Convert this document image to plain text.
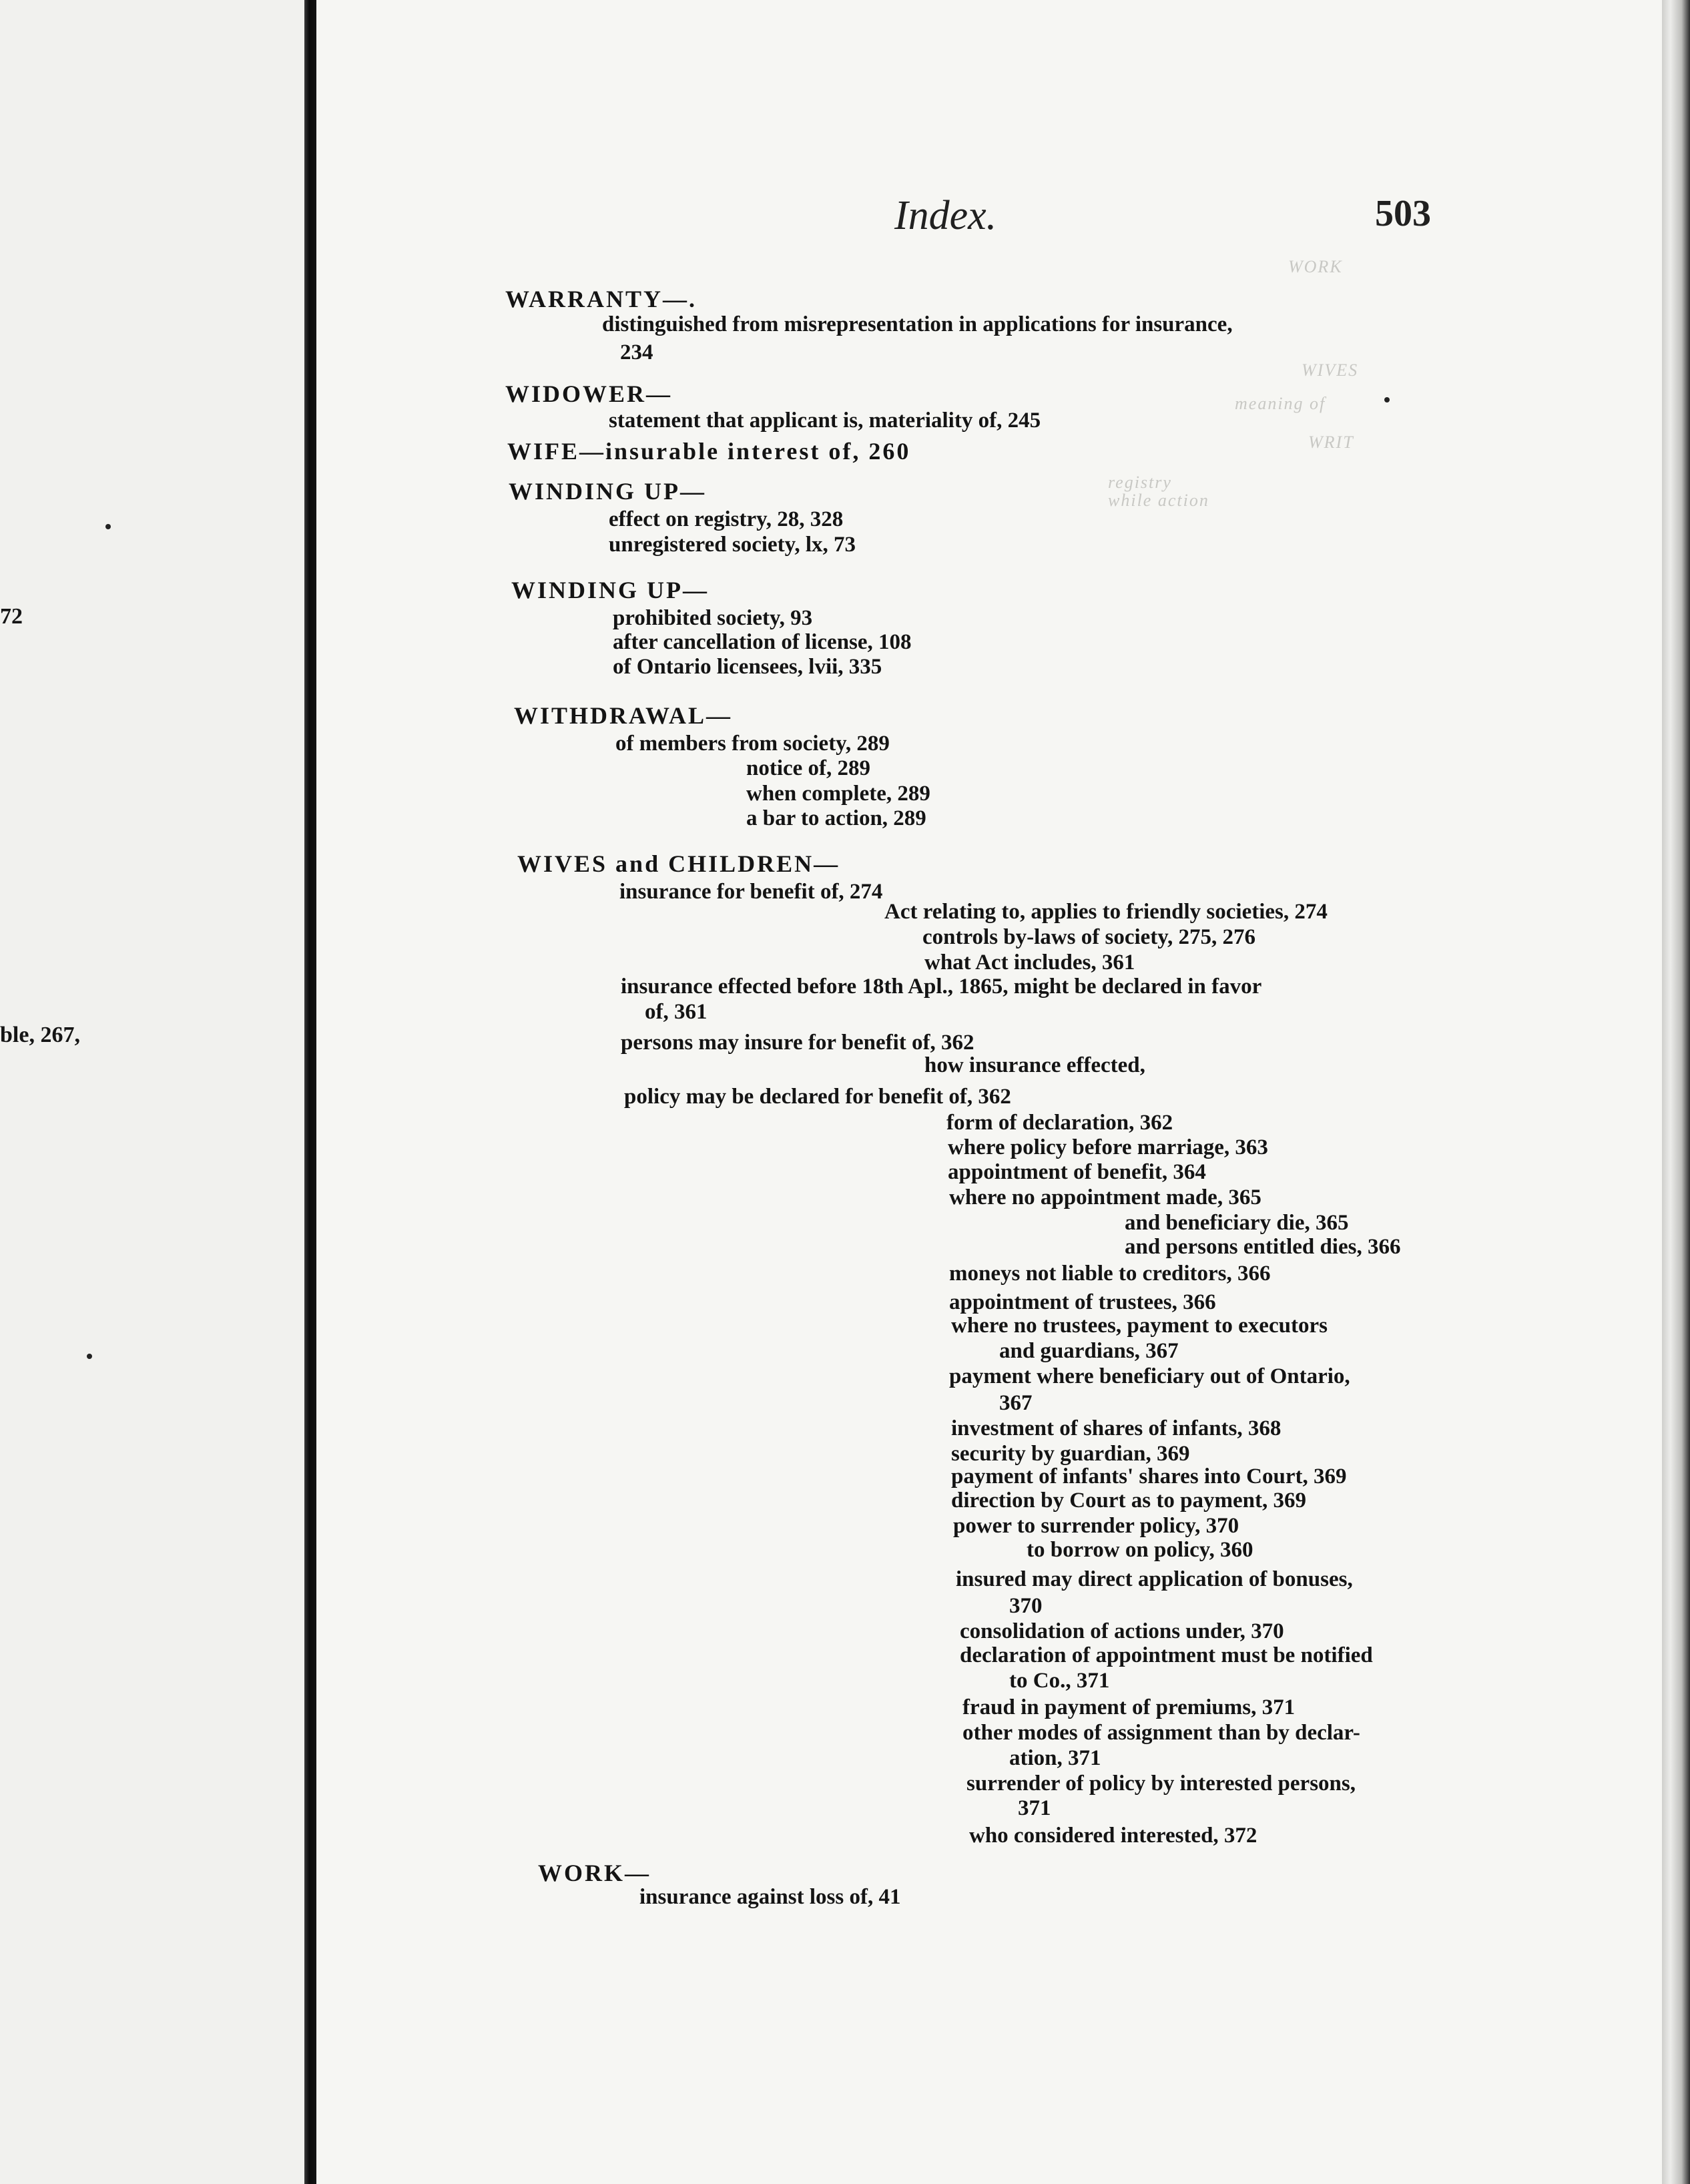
72
ble, 267,
Index.	503
WORK
WIVES
meaning of
WRIT
registry
while action
WARRANTY—.
distinguished from misrepresentation in applications for insurance,
234
WIDOWER—
statement that applicant is, materiality of, 245
WIFE—insurable interest of, 260
WINDING UP—
effect on registry, 28, 328
unregistered society, lx, 73
WINDING UP—
prohibited society, 93
after cancellation of license, 108
of Ontario licensees, lvii, 335
WITHDRAWAL—
of members from society, 289
notice of, 289
when complete, 289
a bar to action, 289
WIVES and CHILDREN—
insurance for benefit of, 274
Act relating to, applies to friendly societies, 274
controls by-laws of society, 275, 276
what Act includes, 361
insurance effected before 18th Apl., 1865, might be declared in favor
of, 361
persons may insure for benefit of, 362
how insurance effected,
policy may be declared for benefit of, 362
form of declaration, 362
where policy before marriage, 363
appointment of benefit, 364
where no appointment made, 365
and beneficiary die, 365
and persons entitled dies, 366
moneys not liable to creditors, 366
appointment of trustees, 366
where no trustees, payment to executors
and guardians, 367
payment where beneficiary out of Ontario,
367
investment of shares of infants, 368
security by guardian, 369
payment of infants' shares into Court, 369
direction by Court as to payment, 369
power to surrender policy, 370
to borrow on policy, 360
insured may direct application of bonuses,
370
consolidation of actions under, 370
declaration of appointment must be notified
to Co., 371
fraud in payment of premiums, 371
other modes of assignment than by declar-
ation, 371
surrender of policy by interested persons,
371
who considered interested, 372
WORK—
insurance against loss of, 41
